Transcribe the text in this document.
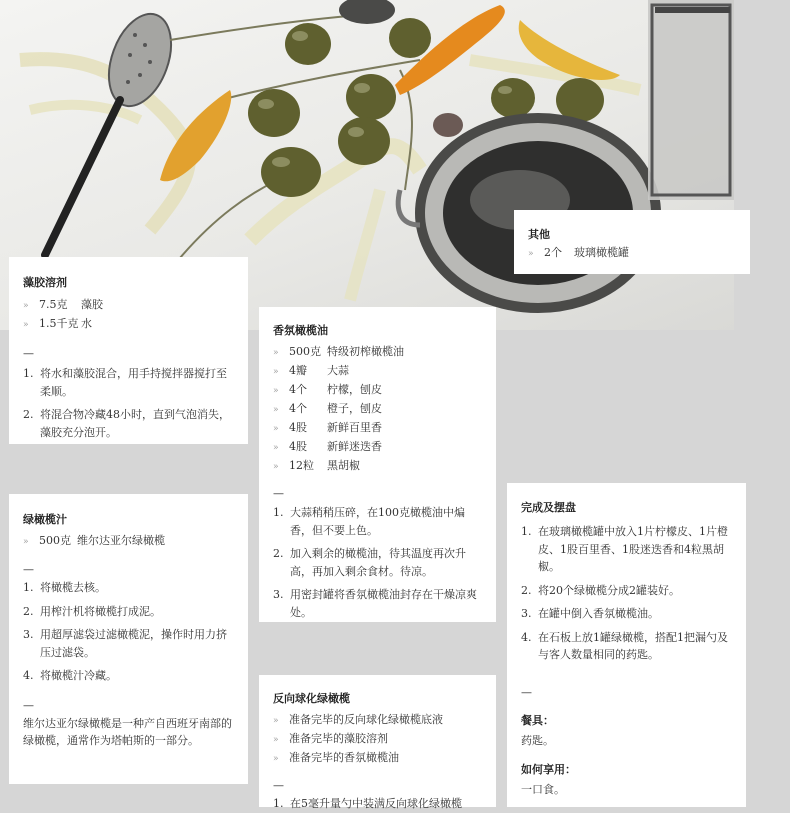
其他
» 2个 玻璃橄榄罐
藻胶溶剂
» 7.5克 藻胶
» 1.5千克 水
—
1. 将水和藻胶混合，用手持搅拌器搅打至柔顺。
2. 将混合物冷藏48小时，直到气泡消失，藻胶充分泡开。
香氛橄榄油
» 500克 特级初榨橄榄油
» 4瓣 大蒜
» 4个 柠檬，刨皮
» 4个 橙子，刨皮
» 4股 新鲜百里香
» 4股 新鲜迷迭香
» 12粒 黑胡椒
—
1. 大蒜稍稍压碎，在100克橄榄油中煸香，但不要上色。
2. 加入剩余的橄榄油，待其温度再次升高，再加入剩余食材。待凉。
3. 用密封罐将香氛橄榄油封存在干燥凉爽处。
绿橄榄汁
» 500克 维尔达亚尔绿橄榄
—
1. 将橄榄去核。
2. 用榨汁机将橄榄打成泥。
3. 用超厚滤袋过滤橄榄泥，操作时用力挤压过滤袋。
4. 将橄榄汁冷藏。
—
维尔达亚尔绿橄榄是一种产自西班牙南部的绿橄榄，通常作为塔帕斯的一部分。
反向球化绿橄榄
» 准备完毕的反向球化绿橄榄底液
» 准备完毕的藻胶溶剂
» 准备完毕的香氛橄榄油
—
1. 在5毫升量勺中装满反向球化绿橄榄
完成及摆盘
1. 在玻璃橄榄罐中放入1片柠檬皮、1片橙皮、1股百里香、1股迷迭香和4粒黑胡椒。
2. 将20个绿橄榄分成2罐装好。
3. 在罐中倒入香氛橄榄油。
4. 在石板上放1罐绿橄榄，搭配1把漏勺及与客人数量相同的药匙。
—
餐具：
药匙。
如何享用：
一口食。
